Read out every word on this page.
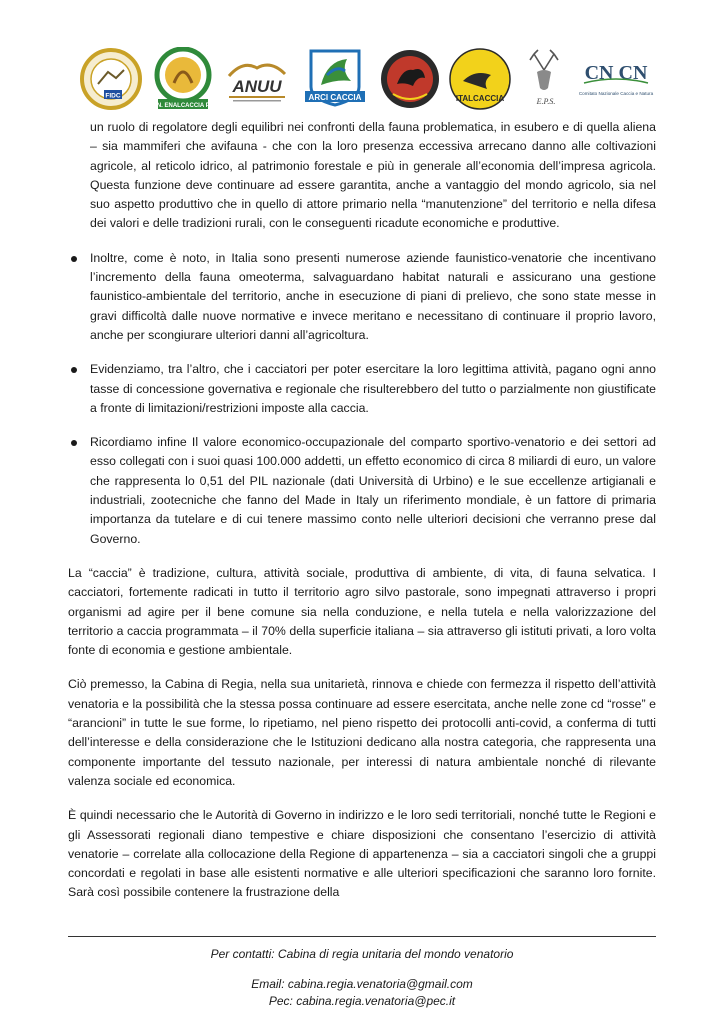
FIDC
U.N. ENALCACCIA P.T.
ANUU
ARCI CACCIA	ITALCACCIA	E.P.S.
CN CN
Comitato Nazionale Caccia e Natura
un ruolo di regolatore degli equilibri nei confronti della fauna problematica, in esubero e di quella aliena – sia mammiferi che avifauna - che con la loro presenza eccessiva arrecano danno alle coltivazioni agricole, al reticolo idrico, al patrimonio forestale e più in generale all’economia dell’impresa agricola. Questa funzione deve continuare ad essere garantita, anche a vantaggio del mondo agricolo, sia nel suo aspetto produttivo che in quello di attore primario nella “manutenzione” del territorio e nella difesa dei valori e delle tradizioni rurali, con le conseguenti ricadute economiche e produttive.
Inoltre, come è noto, in Italia sono presenti numerose aziende faunistico-venatorie che incentivano l’incremento della fauna omeoterma, salvaguardano habitat naturali e assicurano una gestione faunistico-ambientale del territorio, anche in esecuzione di piani di prelievo, che sono state messe in gravi difficoltà dalle nuove normative e invece meritano e necessitano di continuare il proprio lavoro, anche per scongiurare ulteriori danni all’agricoltura.
Evidenziamo, tra l’altro, che i cacciatori per poter esercitare la loro legittima attività, pagano ogni anno tasse di concessione governativa e regionale che risulterebbero del tutto o parzialmente non giustificate a fronte di limitazioni/restrizioni imposte alla caccia.
Ricordiamo infine Il valore economico-occupazionale del comparto sportivo-venatorio e dei settori ad esso collegati con i suoi quasi 100.000 addetti, un effetto economico di circa 8 miliardi di euro, un valore che rappresenta lo 0,51 del PIL nazionale (dati Università di Urbino) e le sue eccellenze artigianali e industriali, zootecniche che fanno del Made in Italy un riferimento mondiale, è un fattore di primaria importanza da tutelare e di cui tenere massimo conto nelle ulteriori decisioni che verranno prese dal Governo.

La “caccia” è tradizione, cultura, attività sociale, produttiva di ambiente, di vita, di fauna selvatica. I cacciatori, fortemente radicati in tutto il territorio agro silvo pastorale, sono impegnati attraverso i propri organismi ad agire per il bene comune sia nella conduzione, e nella tutela e nella valorizzazione del territorio a caccia programmata – il 70% della superficie italiana – sia attraverso gli istituti privati, a loro volta fonte di economia e gestione ambientale.

Ciò premesso, la Cabina di Regia, nella sua unitarietà, rinnova e chiede con fermezza il rispetto dell’attività venatoria e la possibilità che la stessa possa continuare ad essere esercitata, anche nelle zone cd “rosse” e “arancioni” in tutte le sue forme, lo ripetiamo, nel pieno rispetto dei protocolli anti-covid, a conferma di tutti dell’interesse e della considerazione che le Istituzioni dedicano alla nostra categoria, che rappresenta una componente importante del tessuto nazionale, per interessi di natura ambientale nonché di rilevante valenza sociale ed economica.

È quindi necessario che le Autorità di Governo in indirizzo e le loro sedi territoriali, nonché tutte le Regioni e gli Assessorati regionali diano tempestive e chiare disposizioni che consentano l’esercizio di attività venatorie – correlate alla collocazione della Regione di appartenenza – sia a cacciatori singoli che a gruppi concordati e regolati in base alle esistenti normative e alle ulteriori specificazioni che saranno loro fornite. Sarà così possibile contenere la frustrazione della

Per contatti: Cabina di regia unitaria del mondo venatorio
Email: cabina.regia.venatoria@gmail.com
Pec: cabina.regia.venatoria@pec.it
